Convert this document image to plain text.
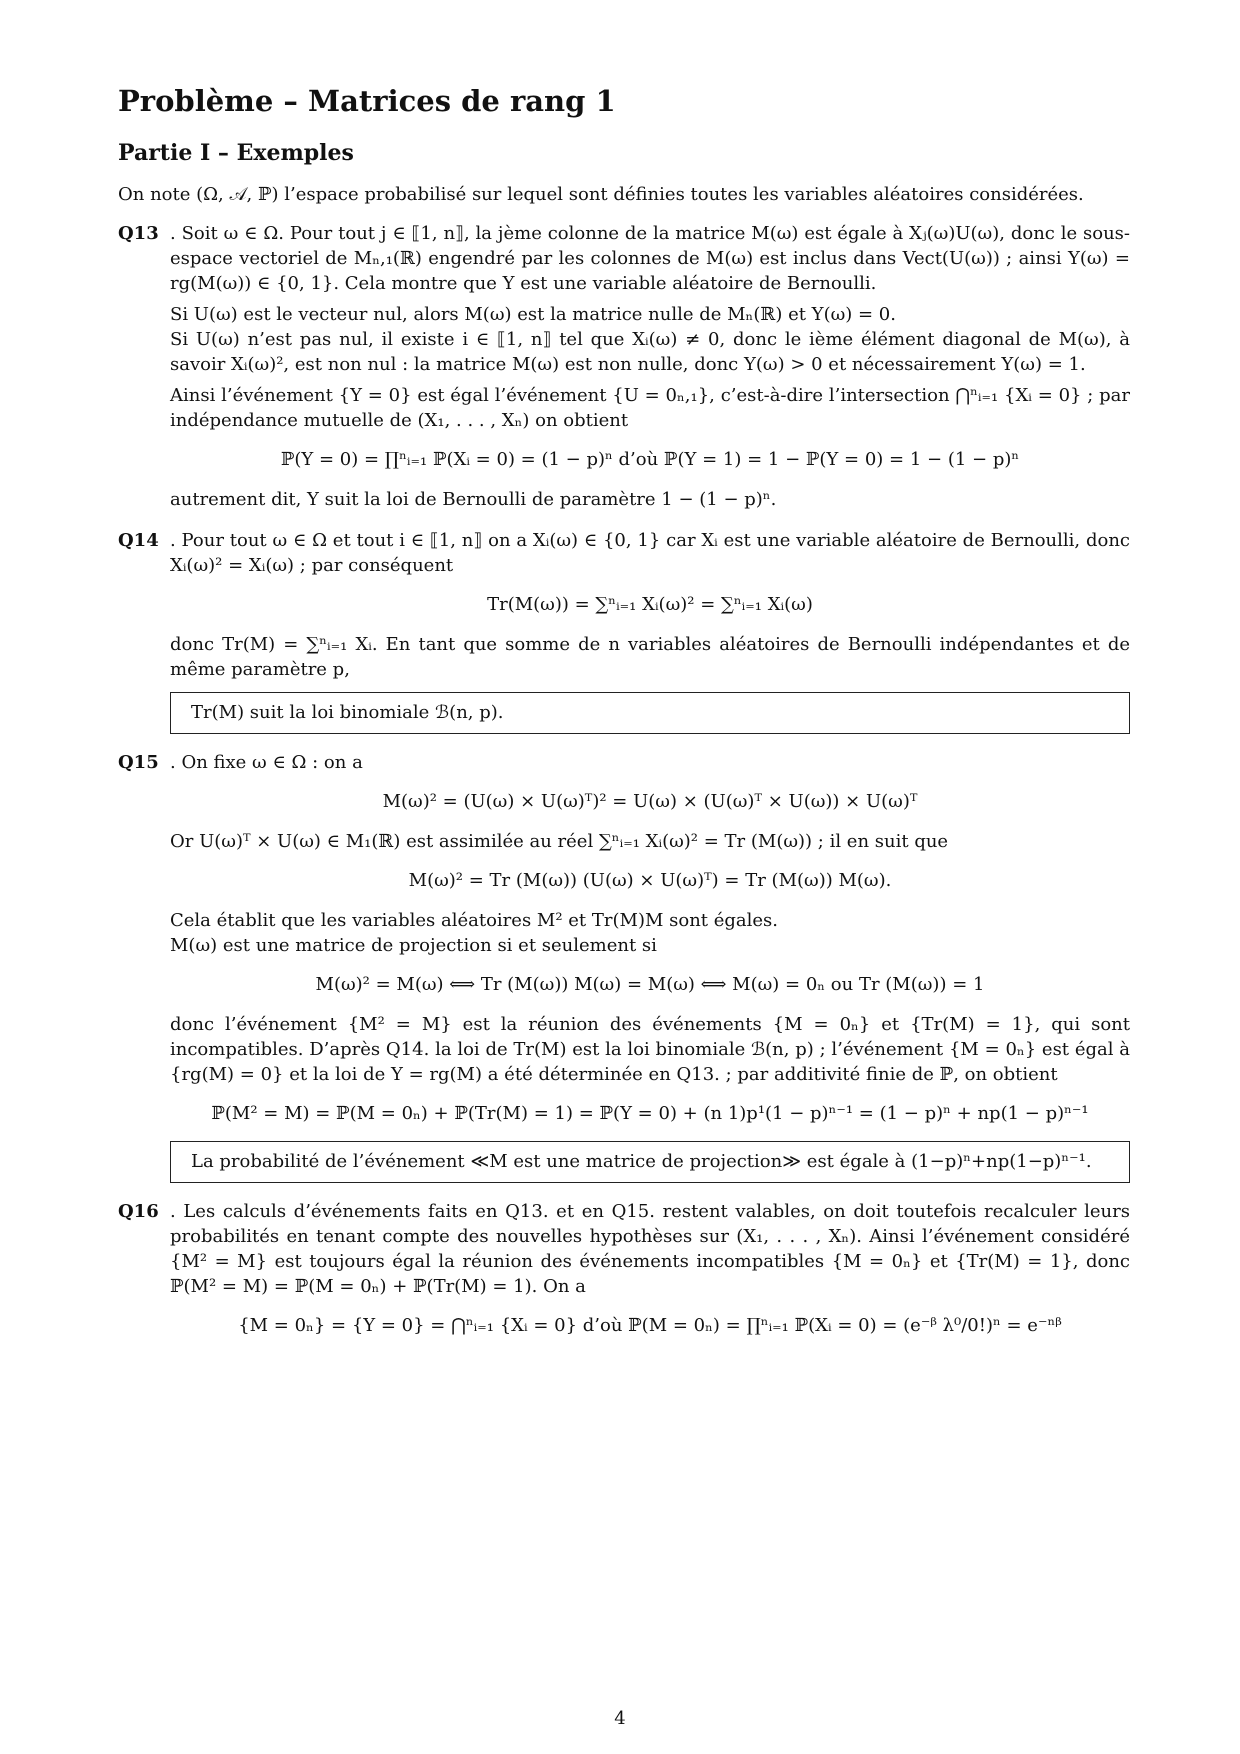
Problème – Matrices de rang 1
Partie I – Exemples
On note (Ω, 𝒜, ℙ) l’espace probabilisé sur lequel sont définies toutes les variables aléatoires considérées.
Q13 . Soit ω ∈ Ω. Pour tout j ∈ ⟦1, n⟧, la jème colonne de la matrice M(ω) est égale à Xⱼ(ω)U(ω), donc le sous-espace vectoriel de Mₙ,₁(ℝ) engendré par les colonnes de M(ω) est inclus dans Vect(U(ω)) ; ainsi Y(ω) = rg(M(ω)) ∈ {0, 1}. Cela montre que Y est une variable aléatoire de Bernoulli.
Si U(ω) est le vecteur nul, alors M(ω) est la matrice nulle de Mₙ(ℝ) et Y(ω) = 0.
Si U(ω) n’est pas nul, il existe i ∈ ⟦1, n⟧ tel que Xᵢ(ω) ≠ 0, donc le ième élément diagonal de M(ω), à savoir Xᵢ(ω)², est non nul : la matrice M(ω) est non nulle, donc Y(ω) > 0 et nécessairement Y(ω) = 1.
Ainsi l’événement {Y = 0} est égal l’événement {U = 0ₙ,₁}, c’est-à-dire l’intersection ⋂ⁿᵢ₌₁ {Xᵢ = 0} ; par indépendance mutuelle de (X₁, . . . , Xₙ) on obtient
ℙ(Y = 0) = ∏ⁿᵢ₌₁ ℙ(Xᵢ = 0) = (1 − p)ⁿ d’où ℙ(Y = 1) = 1 − ℙ(Y = 0) = 1 − (1 − p)ⁿ
autrement dit, Y suit la loi de Bernoulli de paramètre 1 − (1 − p)ⁿ.
Q14 . Pour tout ω ∈ Ω et tout i ∈ ⟦1, n⟧ on a Xᵢ(ω) ∈ {0, 1} car Xᵢ est une variable aléatoire de Bernoulli, donc Xᵢ(ω)² = Xᵢ(ω) ; par conséquent
Tr(M(ω)) = ∑ⁿᵢ₌₁ Xᵢ(ω)² = ∑ⁿᵢ₌₁ Xᵢ(ω)
donc Tr(M) = ∑ⁿᵢ₌₁ Xᵢ. En tant que somme de n variables aléatoires de Bernoulli indépendantes et de même paramètre p,
Tr(M) suit la loi binomiale ℬ(n, p).
Q15 . On fixe ω ∈ Ω : on a
M(ω)² = (U(ω) × U(ω)ᵀ)² = U(ω) × (U(ω)ᵀ × U(ω)) × U(ω)ᵀ
Or U(ω)ᵀ × U(ω) ∈ M₁(ℝ) est assimilée au réel ∑ⁿᵢ₌₁ Xᵢ(ω)² = Tr (M(ω)) ; il en suit que
M(ω)² = Tr (M(ω)) (U(ω) × U(ω)ᵀ) = Tr (M(ω)) M(ω).
Cela établit que les variables aléatoires M² et Tr(M)M sont égales.
M(ω) est une matrice de projection si et seulement si
M(ω)² = M(ω) ⟺ Tr (M(ω)) M(ω) = M(ω) ⟺ M(ω) = 0ₙ ou Tr (M(ω)) = 1
donc l’événement {M² = M} est la réunion des événements {M = 0ₙ} et {Tr(M) = 1}, qui sont incompatibles. D’après Q14. la loi de Tr(M) est la loi binomiale ℬ(n, p) ; l’événement {M = 0ₙ} est égal à {rg(M) = 0} et la loi de Y = rg(M) a été déterminée en Q13. ; par additivité finie de ℙ, on obtient
ℙ(M² = M) = ℙ(M = 0ₙ) + ℙ(Tr(M) = 1) = ℙ(Y = 0) + (n 1)p¹(1 − p)ⁿ⁻¹ = (1 − p)ⁿ + np(1 − p)ⁿ⁻¹
La probabilité de l’événement ≪M est une matrice de projection≫ est égale à (1−p)ⁿ+np(1−p)ⁿ⁻¹.
Q16 . Les calculs d’événements faits en Q13. et en Q15. restent valables, on doit toutefois recalculer leurs probabilités en tenant compte des nouvelles hypothèses sur (X₁, . . . , Xₙ). Ainsi l’événement considéré {M² = M} est toujours égal la réunion des événements incompatibles {M = 0ₙ} et {Tr(M) = 1}, donc ℙ(M² = M) = ℙ(M = 0ₙ) + ℙ(Tr(M) = 1). On a
{M = 0ₙ} = {Y = 0} = ⋂ⁿᵢ₌₁ {Xᵢ = 0} d’où ℙ(M = 0ₙ) = ∏ⁿᵢ₌₁ ℙ(Xᵢ = 0) = (e⁻ᵝ λ⁰/0!)ⁿ = e⁻ⁿᵝ
4
